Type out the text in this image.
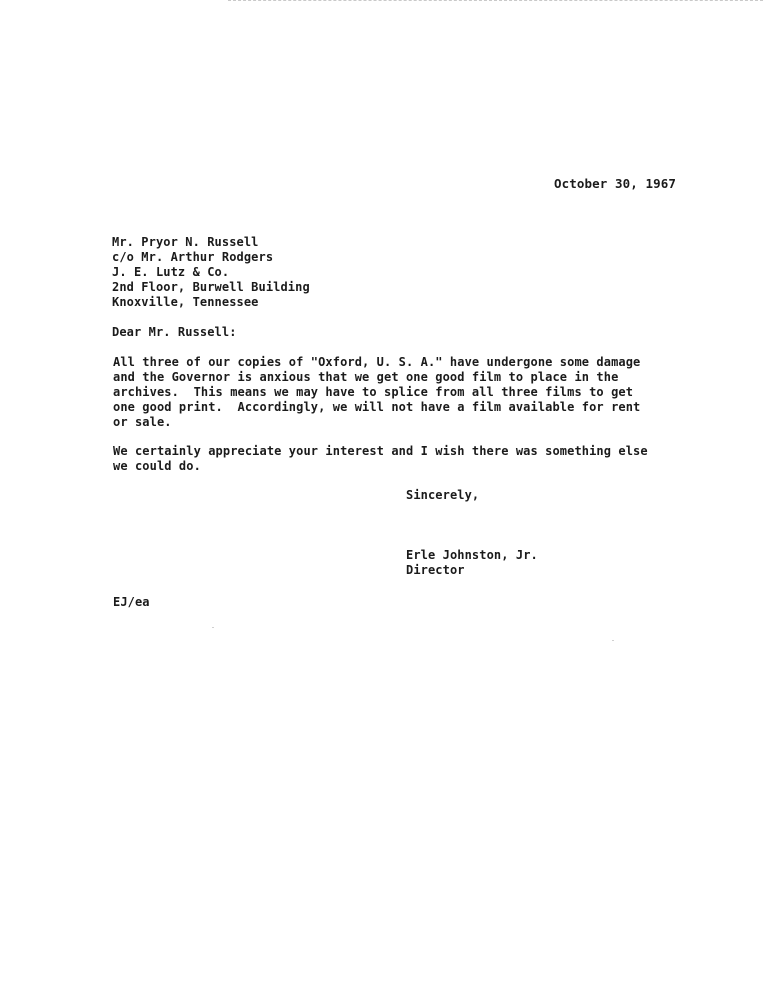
October 30, 1967
Mr. Pryor N. Russell
c/o Mr. Arthur Rodgers
J. E. Lutz & Co.
2nd Floor, Burwell Building
Knoxville, Tennessee
Dear Mr. Russell:
All three of our copies of "Oxford, U. S. A." have undergone some damage
and the Governor is anxious that we get one good film to place in the
archives.  This means we may have to splice from all three films to get
one good print.  Accordingly, we will not have a film available for rent
or sale.
We certainly appreciate your interest and I wish there was something else
we could do.
Sincerely,
Erle Johnston, Jr.
Director
EJ/ea
